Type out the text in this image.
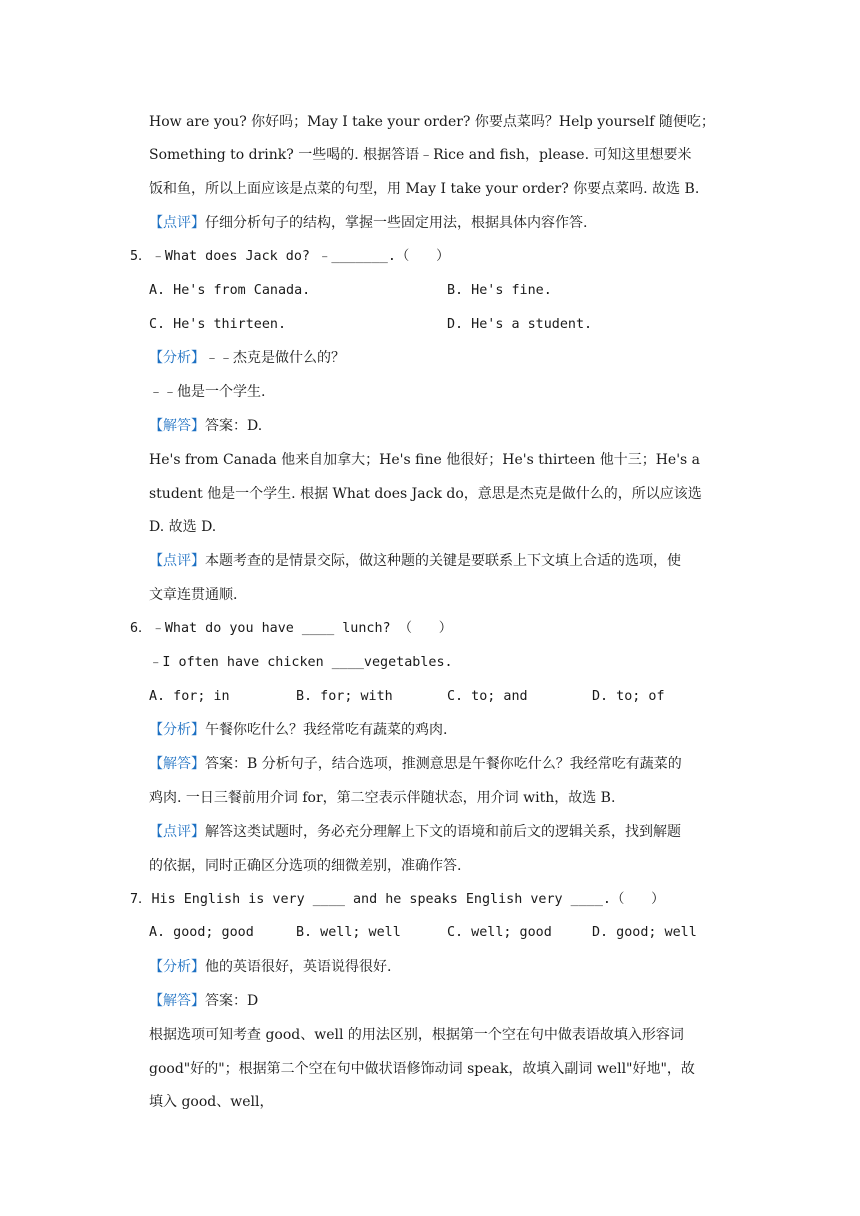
How are you? 你好吗；May I take your order? 你要点菜吗？Help yourself 随便吃；
Something to drink? 一些喝的. 根据答语﹣Rice and fish，please. 可知这里想要米
饭和鱼，所以上面应该是点菜的句型，用 May I take your order? 你要点菜吗. 故选 B.
【点评】仔细分析句子的结构，掌握一些固定用法，根据具体内容作答.
5．﹣What does Jack do? ﹣_______.（　　）
A. He's from Canada.	B. He's fine.
C. He's thirteen.	D. He's a student.
【分析】﹣﹣杰克是做什么的？
﹣﹣他是一个学生.
【解答】答案：D.
He's from Canada 他来自加拿大；He's fine 他很好；He's thirteen 他十三；He's a
student 他是一个学生. 根据 What does Jack do，意思是杰克是做什么的，所以应该选
D. 故选 D.
【点评】本题考查的是情景交际，做这种题的关键是要联系上下文填上合适的选项，使
文章连贯通顺.
6．﹣What do you have ____ lunch? （　　）
﹣I often have chicken ____vegetables.
A. for; in	B. for; with	C. to; and	D. to; of
【分析】午餐你吃什么？我经常吃有蔬菜的鸡肉.
【解答】答案：B 分析句子，结合选项，推测意思是午餐你吃什么？我经常吃有蔬菜的
鸡肉. 一日三餐前用介词 for，第二空表示伴随状态，用介词 with，故选 B.
【点评】解答这类试题时，务必充分理解上下文的语境和前后文的逻辑关系，找到解题
的依据，同时正确区分选项的细微差别，准确作答.
7．His English is very ____ and he speaks English very ____.（　　）
A. good; good	B. well; well	C. well; good	D. good; well
【分析】他的英语很好，英语说得很好.
【解答】答案：D
根据选项可知考查 good、well 的用法区别，根据第一个空在句中做表语故填入形容词
good"好的"；根据第二个空在句中做状语修饰动词 speak，故填入副词 well"好地"，故
填入 good、well，
